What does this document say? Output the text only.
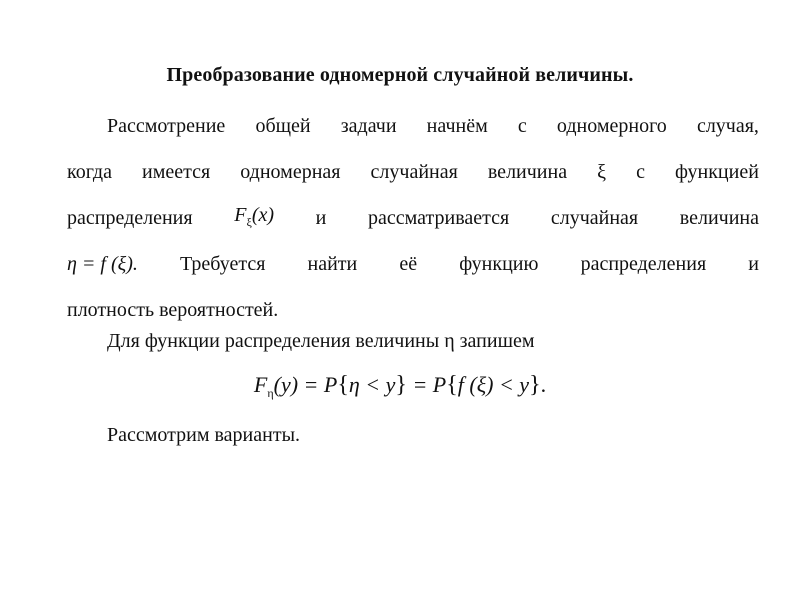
Преобразование одномерной случайной величины.
Рассмотрение общей задачи начнём с одномерного случая,
когда имеется одномерная случайная величина ξ с функцией
распределения $F_\xi(x)$ и рассматривается случайная величина
η = f (ξ). Требуется найти её функцию распределения и
плотность вероятностей.
Для функции распределения величины η запишем
$F_\eta(y) = P\{\eta < y\} = P\{f$ (ξ) < y}.
Рассмотрим варианты.
